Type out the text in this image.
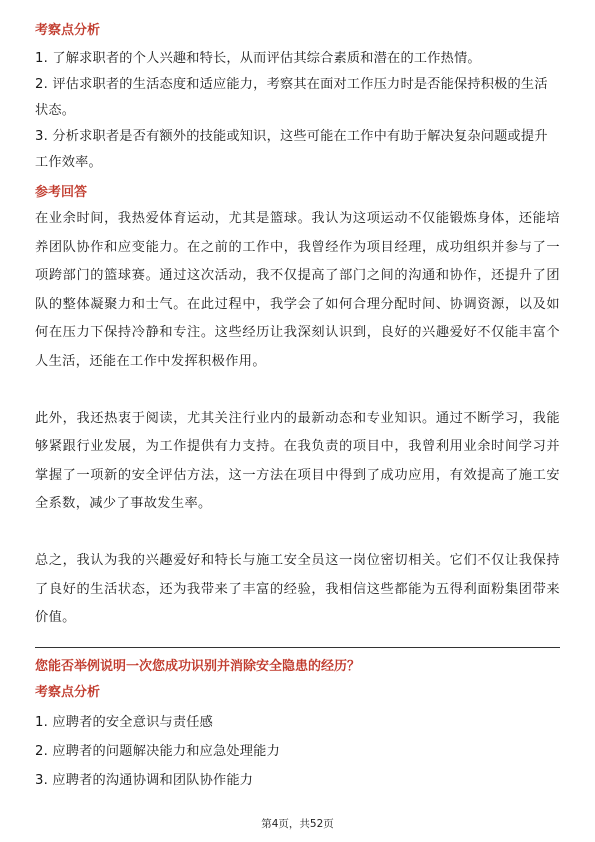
考察点分析

1. 了解求职者的个人兴趣和特长，从而评估其综合素质和潜在的工作热情。

2. 评估求职者的生活态度和适应能力，考察其在面对工作压力时是否能保持积极的生活状态。

3. 分析求职者是否有额外的技能或知识，这些可能在工作中有助于解决复杂问题或提升工作效率。

参考回答

在业余时间，我热爱体育运动，尤其是篮球。我认为这项运动不仅能锻炼身体，还能培养团队协作和应变能力。在之前的工作中，我曾经作为项目经理，成功组织并参与了一项跨部门的篮球赛。通过这次活动，我不仅提高了部门之间的沟通和协作，还提升了团队的整体凝聚力和士气。在此过程中，我学会了如何合理分配时间、协调资源，以及如何在压力下保持冷静和专注。这些经历让我深刻认识到，良好的兴趣爱好不仅能丰富个人生活，还能在工作中发挥积极作用。

此外，我还热衷于阅读，尤其关注行业内的最新动态和专业知识。通过不断学习，我能够紧跟行业发展，为工作提供有力支持。在我负责的项目中，我曾利用业余时间学习并掌握了一项新的安全评估方法，这一方法在项目中得到了成功应用，有效提高了施工安全系数，减少了事故发生率。

总之，我认为我的兴趣爱好和特长与施工安全员这一岗位密切相关。它们不仅让我保持了良好的生活状态，还为我带来了丰富的经验，我相信这些都能为五得利面粉集团带来价值。

您能否举例说明一次您成功识别并消除安全隐患的经历？

考察点分析

1. 应聘者的安全意识与责任感

2. 应聘者的问题解决能力和应急处理能力

3. 应聘者的沟通协调和团队协作能力

第4页，共52页
